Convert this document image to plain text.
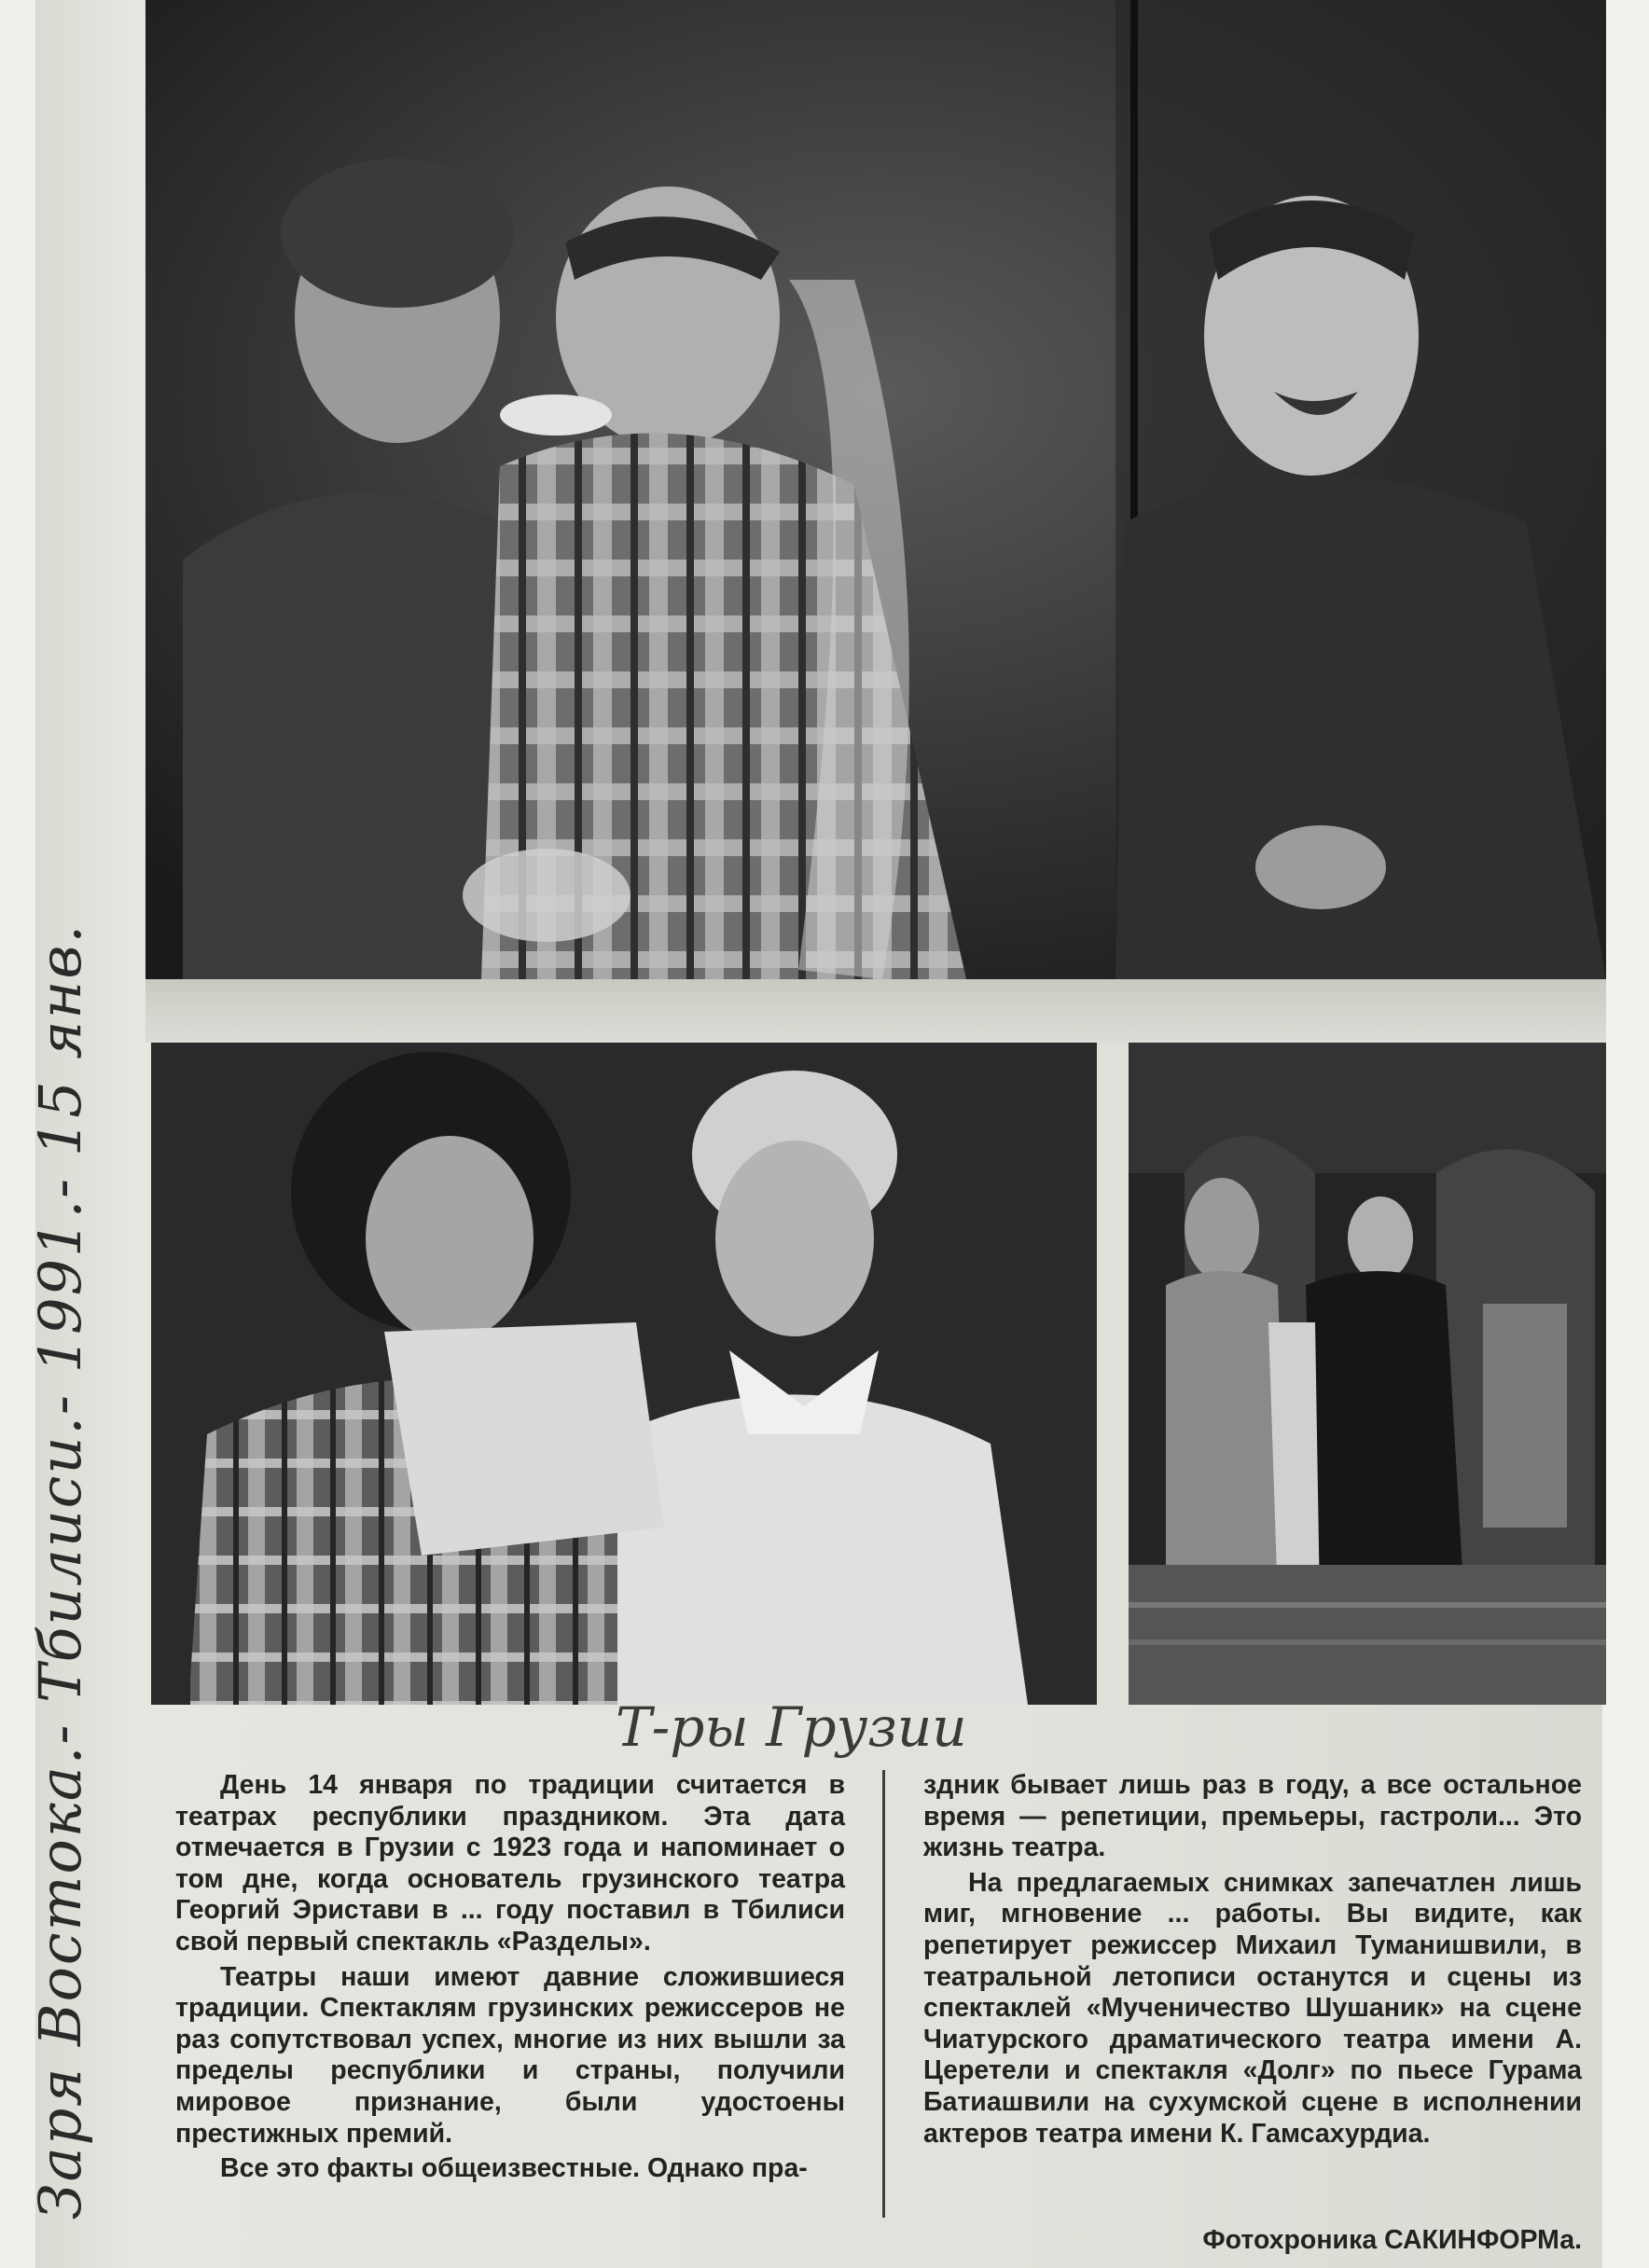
Заря Востока.- Тбилиси.- 1991.- 15 янв.	Т-ры Грузии

День 14 января по традиции считается в театрах республики праздником. Эта дата отмечается в Грузии с 1923 года и напоминает о том дне, когда основатель грузинского театра Георгий Эристави в ... году поставил в Тбилиси свой первый спектакль «Разделы».

Театры наши имеют давние сложившиеся традиции. Спектаклям грузинских режиссеров не раз сопутствовал успех, многие из них вышли за пределы республики и страны, получили мировое признание, были удостоены престижных премий.

Все это факты общеизвестные. Однако пра-

здник бывает лишь раз в году, а все остальное время — репетиции, премьеры, гастроли... Это жизнь театра.

На предлагаемых снимках запечатлен лишь миг, мгновение ... работы. Вы видите, как репетирует режиссер Михаил Туманишвили, в театральной летописи останутся и сцены из спектаклей «Мученичество Шушаник» на сцене Чиатурского драматического театра имени А. Церетели и спектакля «Долг» по пьесе Гурама Батиашвили на сухумской сцене в исполнении актеров театра имени К. Гамсахурдиа.

Фотохроника САКИНФОРМа.
